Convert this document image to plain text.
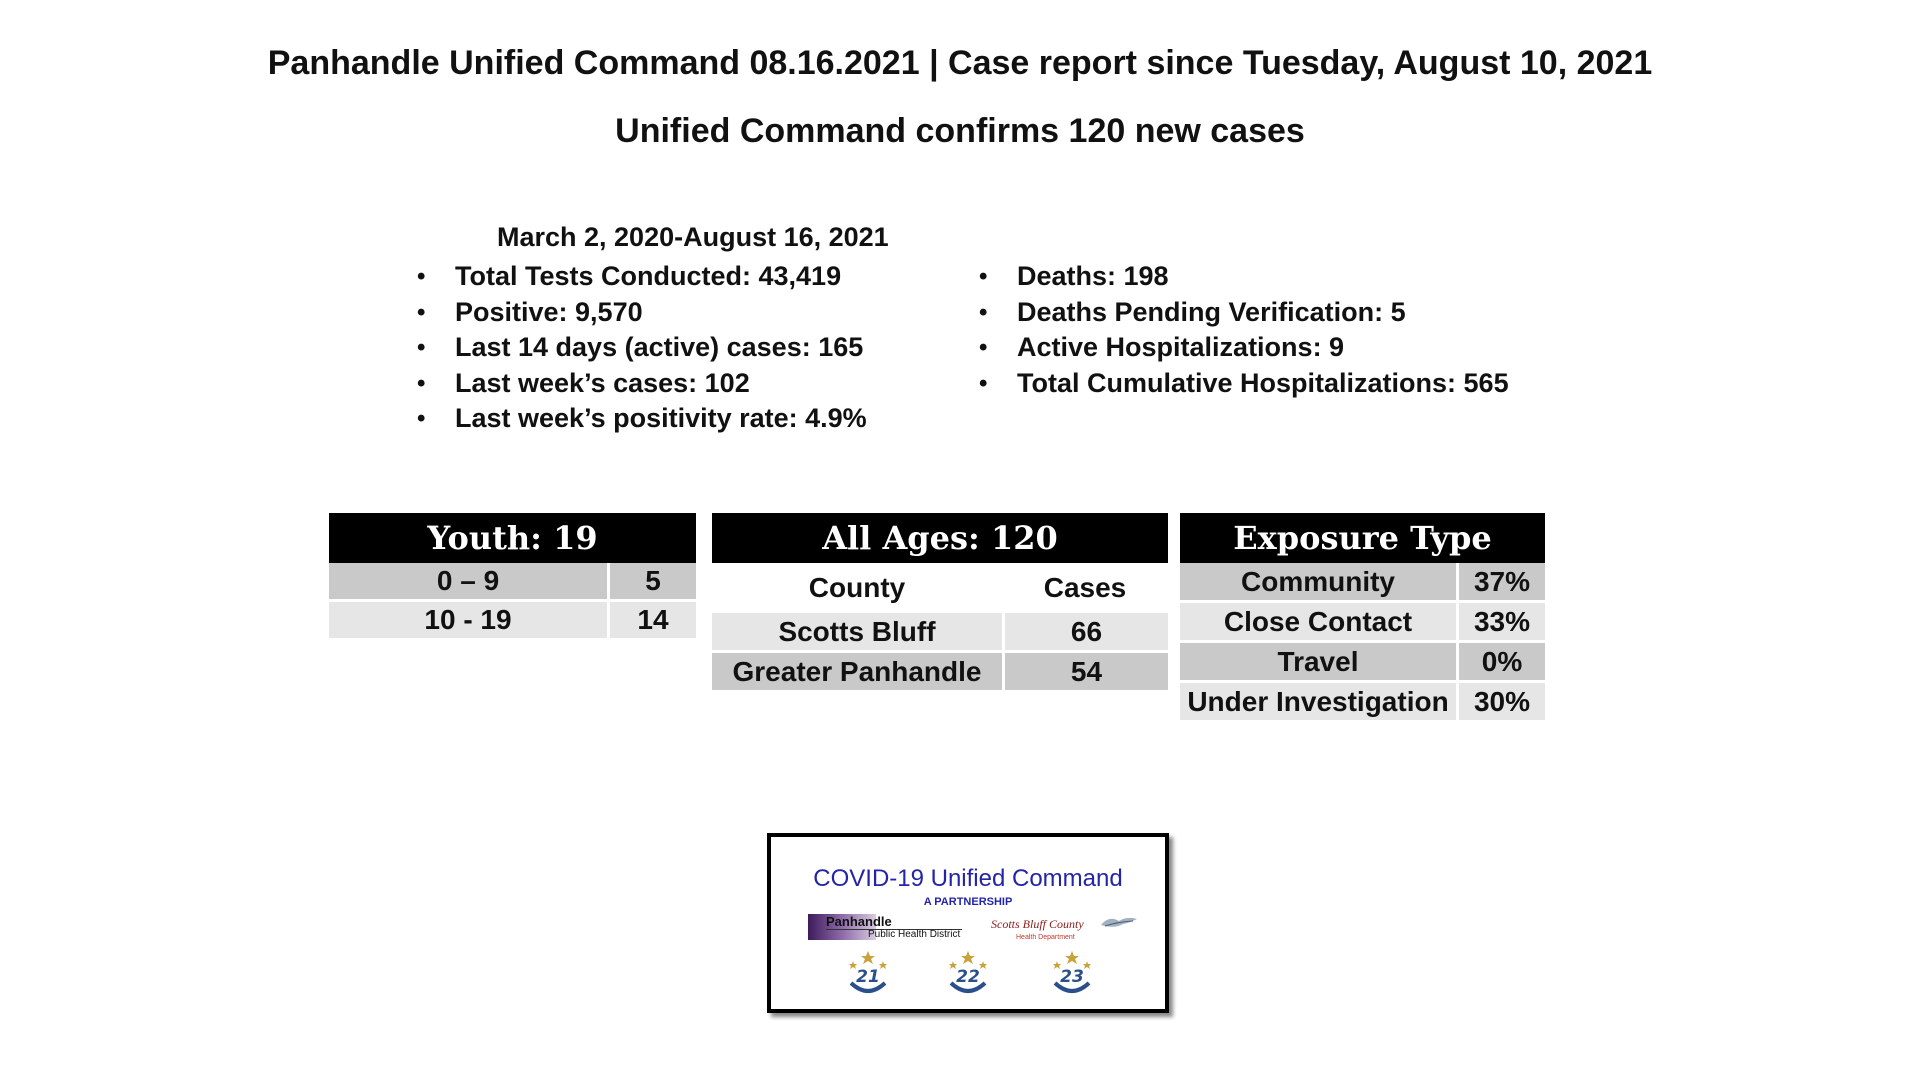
Panhandle Unified Command 08.16.2021 | Case report since Tuesday, August 10, 2021
Unified Command confirms 120 new cases
March 2, 2020-August 16, 2021
• Total Tests Conducted: 43,419
• Positive: 9,570
• Last 14 days (active) cases: 165
• Last week’s cases: 102
• Last week’s positivity rate: 4.9%
• Deaths: 198
• Deaths Pending Verification: 5
• Active Hospitalizations: 9
• Total Cumulative Hospitalizations: 565
Youth: 19	
0 – 9	5
10 - 19	14
All Ages: 120	
County	Cases
Scotts Bluff	66
Greater Panhandle	54
Exposure Type	
Community	37%
Close Contact	33%
Travel	0%
Under Investigation	30%
COVID-19 Unified Command
A PARTNERSHIP
Panhandle
Public Health District
Scotts Bluff County
Health Department
21	22	23
